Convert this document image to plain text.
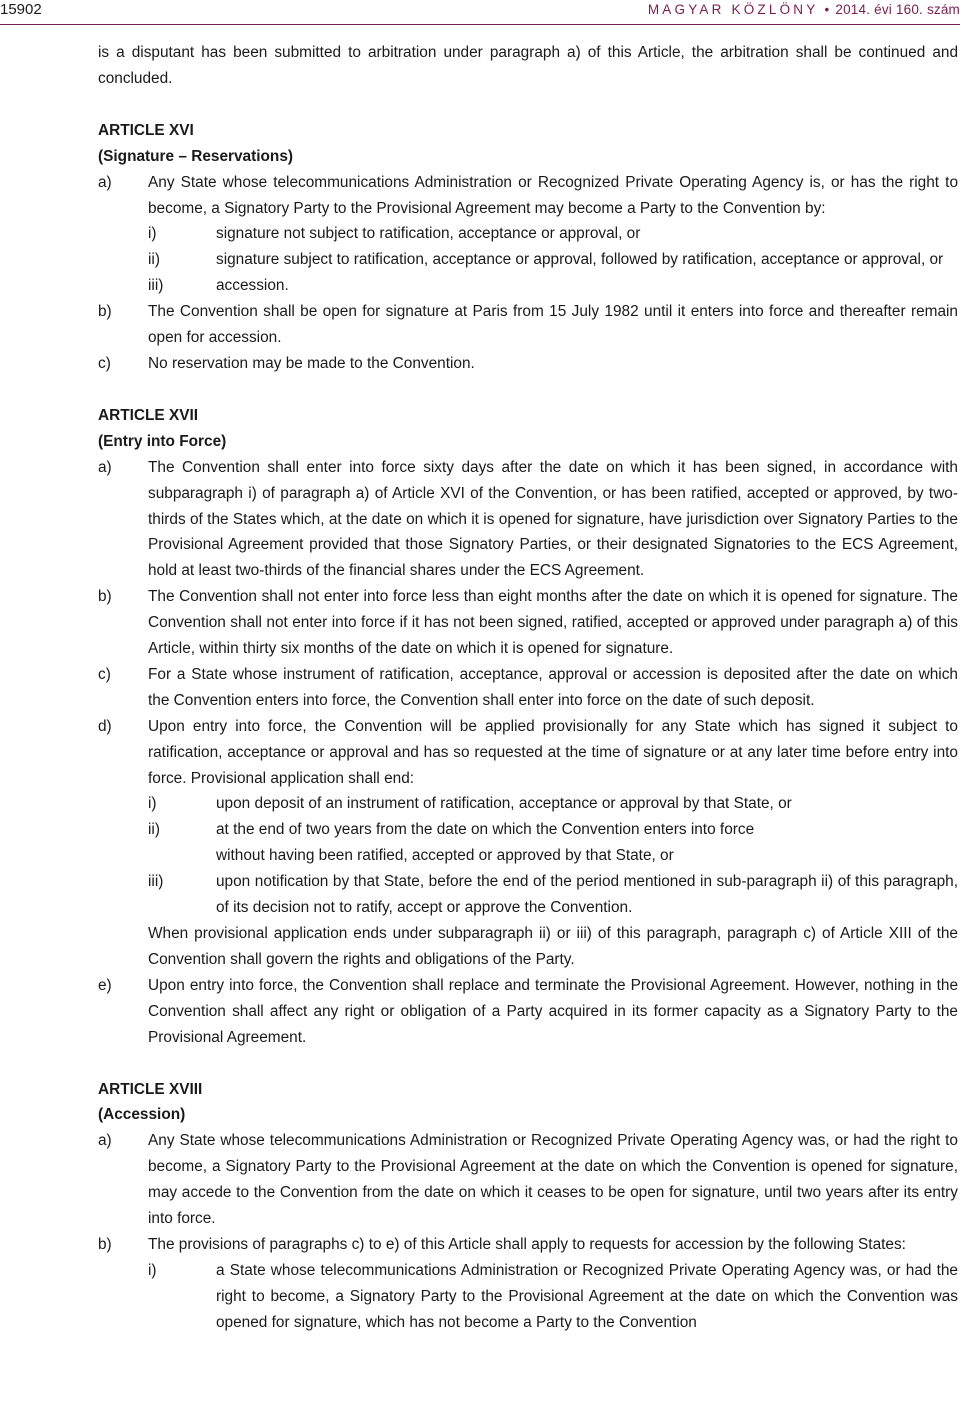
15902	MAGYAR KÖZLÖNY • 2014. évi 160. szám

is a disputant has been submitted to arbitration under paragraph a) of this Article, the arbitration shall be continued and concluded.

ARTICLE XVI

(Signature – Reservations)

a) Any State whose telecommunications Administration or Recognized Private Operating Agency is, or has the right to become, a Signatory Party to the Provisional Agreement may become a Party to the Convention by:

i)	signature not subject to ratification, acceptance or approval, or

ii)	signature subject to ratification, acceptance or approval, followed by ratification, acceptance or approval, or

iii)	accession.

b) The Convention shall be open for signature at Paris from 15 July 1982 until it enters into force and thereafter remain open for accession.

c) No reservation may be made to the Convention.

ARTICLE XVII

(Entry into Force)

a) The Convention shall enter into force sixty days after the date on which it has been signed, in accordance with subparagraph i) of paragraph a) of Article XVI of the Convention, or has been ratified, accepted or approved, by two-thirds of the States which, at the date on which it is opened for signature, have jurisdiction over Signatory Parties to the Provisional Agreement provided that those Signatory Parties, or their designated Signatories to the ECS Agreement, hold at least two-thirds of the financial shares under the ECS Agreement.

b) The Convention shall not enter into force less than eight months after the date on which it is opened for signature. The Convention shall not enter into force if it has not been signed, ratified, accepted or approved under paragraph a) of this Article, within thirty six months of the date on which it is opened for signature.

c) For a State whose instrument of ratification, acceptance, approval or accession is deposited after the date on which the Convention enters into force, the Convention shall enter into force on the date of such deposit.

d) Upon entry into force, the Convention will be applied provisionally for any State which has signed it subject to ratification, acceptance or approval and has so requested at the time of signature or at any later time before entry into force. Provisional application shall end:

i)	upon deposit of an instrument of ratification, acceptance or approval by that State, or

ii)	at the end of two years from the date on which the Convention enters into force

without having been ratified, accepted or approved by that State, or

iii)	upon notification by that State, before the end of the period mentioned in sub-paragraph ii) of this paragraph, of its decision not to ratify, accept or approve the Convention.

When provisional application ends under subparagraph ii) or iii) of this paragraph, paragraph c) of Article XIII of the Convention shall govern the rights and obligations of the Party.

e) Upon entry into force, the Convention shall replace and terminate the Provisional Agreement. However, nothing in the Convention shall affect any right or obligation of a Party acquired in its former capacity as a Signatory Party to the Provisional Agreement.

ARTICLE XVIII

(Accession)

a) Any State whose telecommunications Administration or Recognized Private Operating Agency was, or had the right to become, a Signatory Party to the Provisional Agreement at the date on which the Convention is opened for signature, may accede to the Convention from the date on which it ceases to be open for signature, until two years after its entry into force.

b) The provisions of paragraphs c) to e) of this Article shall apply to requests for accession by the following States:

i)	a State whose telecommunications Administration or Recognized Private Operating Agency was, or had the right to become, a Signatory Party to the Provisional Agreement at the date on which the Convention was opened for signature, which has not become a Party to the Convention
